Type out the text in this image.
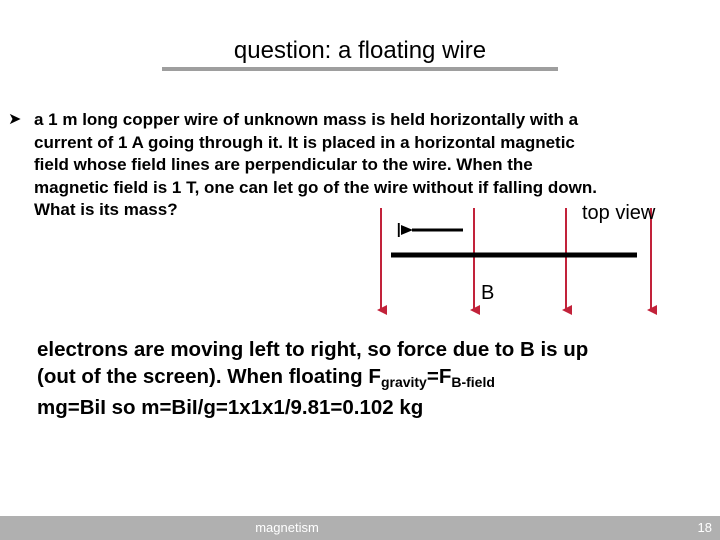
question: a floating wire
➤ a 1 m long copper wire of unknown mass is held horizontally with a
current of 1 A going through it. It is placed in a horizontal magnetic
field whose field lines are perpendicular to the wire. When the
magnetic field is 1 T, one can let go of the wire without if falling down.
What is its mass?	top view
I
B
electrons are moving left to right, so force due to B is up
(out of the screen). When floating $F_{gravity}=F_{B-field}$
mg=BiI so m=BiI/g=1x1x1/9.81=0.102 kg
magnetism	18
